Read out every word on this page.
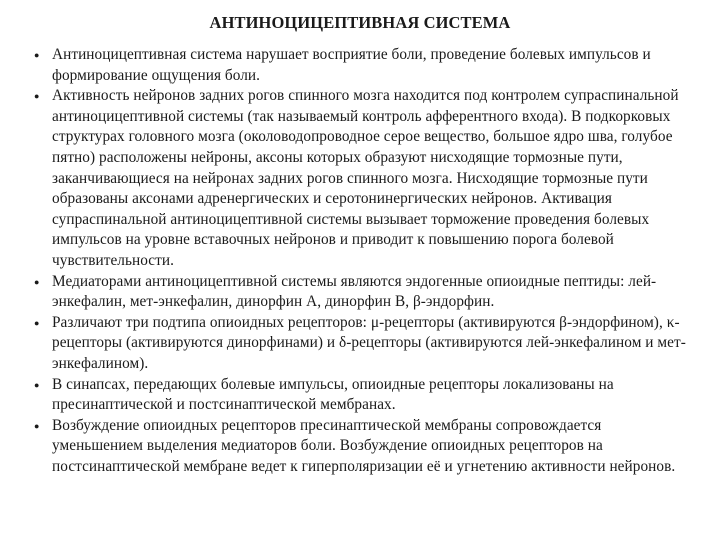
АНТИНОЦИЦЕПТИВНАЯ СИСТЕМА
● Антиноцицептивная система нарушает восприятие боли, проведение болевых импульсов и формирование ощущения боли.
● Активность нейронов задних рогов спинного мозга находится под контролем супраспинальной антиноцицептивной системы (так называемый контроль афферентного входа). В подкорковых структурах головного мозга (околоводопроводное серое вещество, большое ядро шва, голубое пятно) расположены нейроны, аксоны которых образуют нисходящие тормозные пути, заканчивающиеся на нейронах задних рогов спинного мозга. Нисходящие тормозные пути образованы аксонами адренергических и серотонинергических нейронов. Активация супраспинальной антиноцицептивной системы вызывает торможение проведения болевых импульсов на уровне вставочных нейронов и приводит к повышению порога болевой чувствительности.
● Медиаторами антиноцицептивной системы являются эндогенные опиоидные пептиды: лей-энкефалин, мет-энкефалин, динорфин А, динорфин В, β-эндорфин.
● Различают три подтипа опиоидных рецепторов: μ-рецепторы (активируются β-эндорфином), κ-рецепторы (активируются динорфинами) и δ-рецепторы (активируются лей-энкефалином и мет-энкефалином).
● В синапсах, передающих болевые импульсы, опиоидные рецепторы локализованы на пресинаптической и постсинаптической мембранах.
● Возбуждение опиоидных рецепторов пресинаптической мембраны сопровождается уменьшением выделения медиаторов боли. Возбуждение опиоидных рецепторов на постсинаптической мембране ведет к гиперполяризации её и угнетению активности нейронов.
